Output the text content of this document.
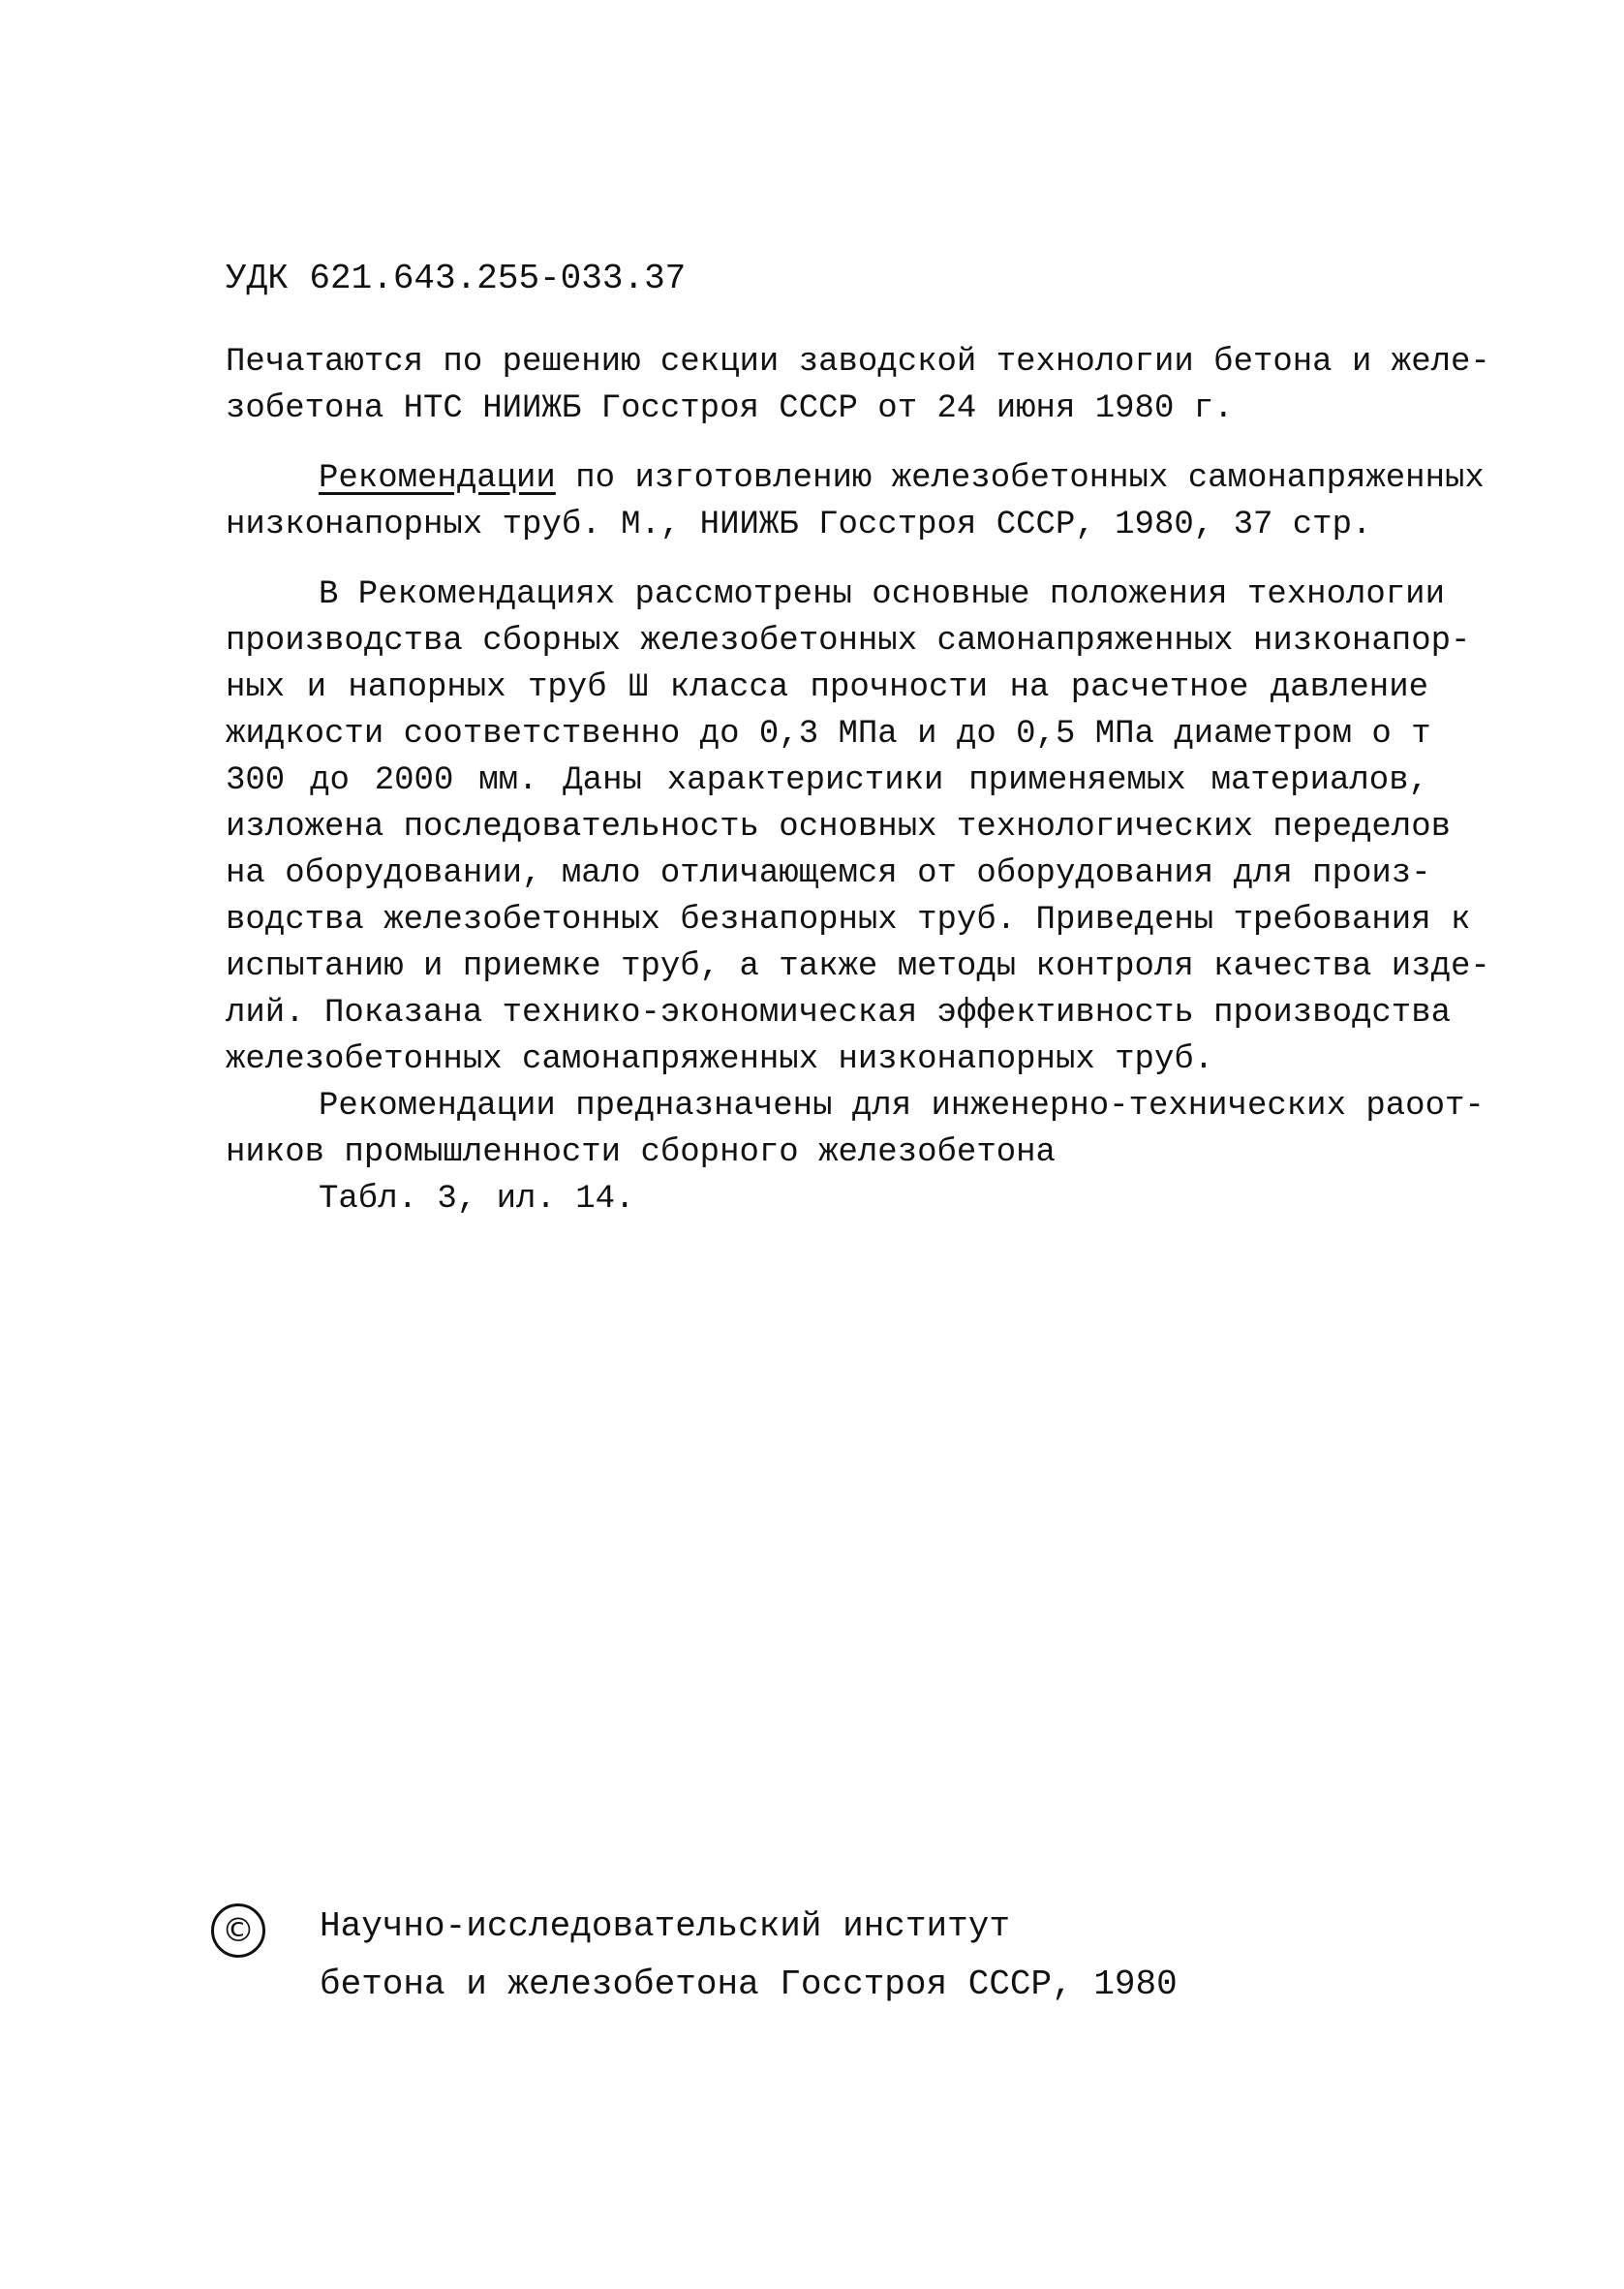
УДК 621.643.255-033.37
Печатаются по решению секции заводской технологии бетона и желе-
зобетона НТС НИИЖБ Госстроя СССР от 24 июня 1980 г.
Рекомендации по изготовлению железобетонных самонапряженных
низконапорных труб. М., НИИЖБ Госстроя СССР, 1980, 37 стр.
В Рекомендациях рассмотрены основные положения технологии
производства сборных железобетонных самонапряженных низконапор-
ных и напорных труб Ш класса прочности на расчетное давление
жидкости соответственно до 0,3 МПа и до 0,5 МПа диаметром о т
300 до 2000 мм. Даны характеристики применяемых материалов,
изложена последовательность основных технологических переделов
на оборудовании, мало отличающемся от оборудования для произ-
водства железобетонных безнапорных труб. Приведены требования к
испытанию и приемке труб, а также методы контроля качества изде-
лий. Показана технико-экономическая эффективность производства
железобетонных самонапряженных низконапорных труб.
Рекомендации предназначены для инженерно-технических раоот-
ников промышленности сборного железобетона
Табл. 3, ил. 14.
©	Научно-исследовательский институт
бетона и железобетона Госстроя СССР, 1980
